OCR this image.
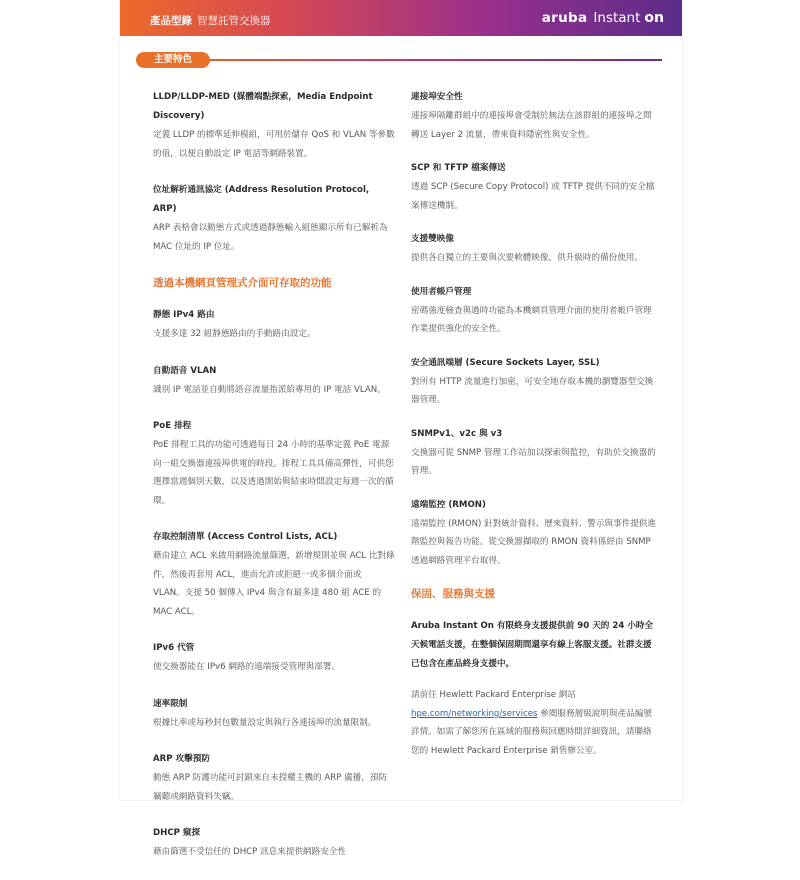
產品型錄 智慧託管交換器	aruba Instant on
主要特色

LLDP/LLDP-MED (媒體端點探索，Media Endpoint Discovery)

定義 LLDP 的標準延伸模組，可用於儲存 QoS 和 VLAN 等參數的值，以便自動設定 IP 電話等網路裝置。

位址解析通訊協定 (Address Resolution Protocol, ARP)

ARP 表格會以動態方式或透過靜態輸入組態顯示所有已解析為 MAC 位址的 IP 位址。

透過本機網頁管理式介面可存取的功能

靜態 IPv4 路由

支援多達 32 組靜態路由的手動路由設定。

自動語音 VLAN

識別 IP 電話並自動將語音流量指派給專用的 IP 電話 VLAN。

PoE 排程

PoE 排程工具的功能可透過每日 24 小時的基準定義 PoE 電源向一組交換器連接埠供電的時段。排程工具具備高彈性，可供您選擇當週個別天數，以及透過開始與結束時間設定每週一次的循環。

存取控制清單 (Access Control Lists, ACL)

藉由建立 ACL 來啟用網路流量篩選，新增規則並與 ACL 比對條件，然後再套用 ACL，進而允許或拒絕一或多個介面或 VLAN。支援 50 個傳入 IPv4 與含有最多達 480 組 ACE 的 MAC ACL。

IPv6 代管

使交換器能在 IPv6 網路的遠端接受管理與部署。

速率限制

根據比率或每秒封包數量設定與執行各連接埠的流量限制。

ARP 攻擊預防

動態 ARP 防護功能可封鎖來自未授權主機的 ARP 廣播，預防竊聽或網路資料失竊。

DHCP 窺探

藉由篩選不受信任的 DHCP 訊息來提供網路安全性

連接埠安全性

連接埠隔離群組中的連接埠會受制於無法在該群組的連接埠之間轉送 Layer 2 流量，帶來資料隱密性與安全性。

SCP 和 TFTP 檔案傳送

透過 SCP (Secure Copy Protocol) 或 TFTP 提供不同的安全檔案傳送機制。

支援雙映像

提供各自獨立的主要與次要軟體映像，供升級時的備份使用。

使用者帳戶管理

密碼強度檢查與過時功能為本機網頁管理介面的使用者帳戶管理作業提供強化的安全性。

安全通訊端層 (Secure Sockets Layer, SSL)

對所有 HTTP 流量進行加密，可安全地存取本機的瀏覽器型交換器管理。

SNMPv1、v2c 與 v3

交換器可從 SNMP 管理工作站加以探索與監控，有助於交換器的管理。

遠端監控 (RMON)

遠端監控 (RMON) 針對統計資料、歷來資料、警示與事件提供進階監控與報告功能。從交換器擷取的 RMON 資料係經由 SNMP 透過網路管理平台取得。

保固、服務與支援

Aruba Instant On 有限終身支援提供前 90 天的 24 小時全天候電話支援，在整個保固期間還享有線上客服支援。社群支援已包含在產品終身支援中。

請前往 Hewlett Packard Enterprise 網站
hpe.com/networking/services 參閱服務層級說明與產品編號詳情。如需了解您所在區域的服務與回應時間詳細資訊，請聯絡您的 Hewlett Packard Enterprise 銷售辦公室。
